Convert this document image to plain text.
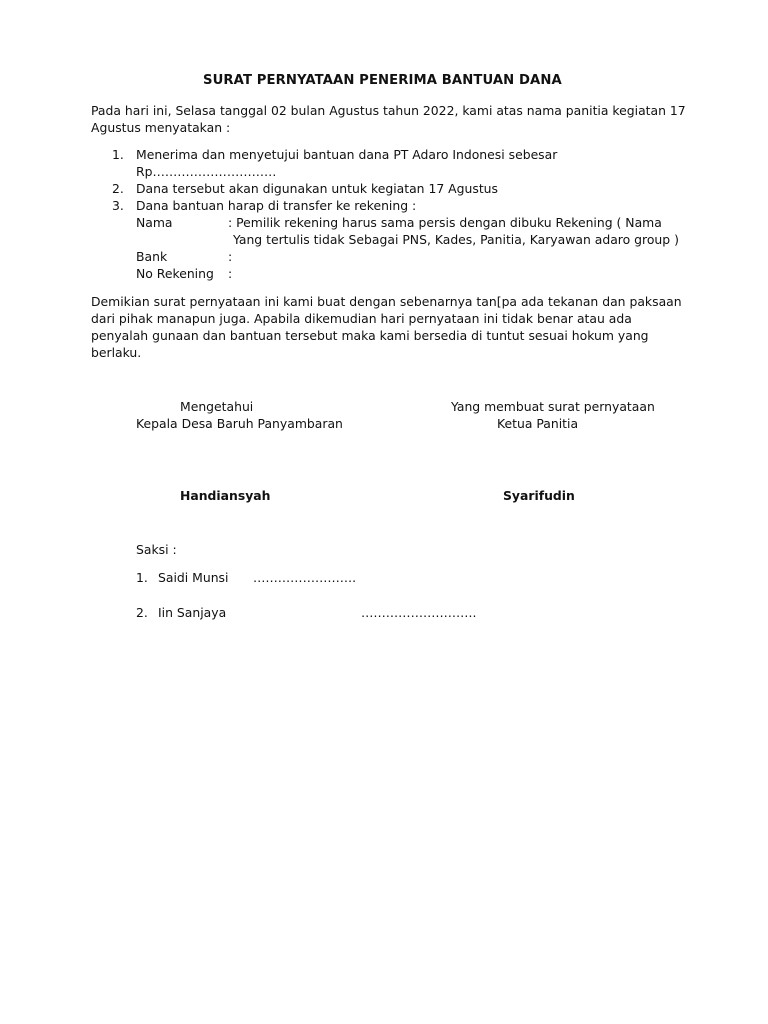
SURAT PERNYATAAN PENERIMA BANTUAN DANA
Pada hari ini, Selasa tanggal 02 bulan Agustus tahun 2022, kami atas nama panitia kegiatan 17
Agustus menyatakan :
1. Menerima dan menyetujui bantuan dana PT Adaro Indonesi sebesar
Rp…………………………
2. Dana tersebut akan digunakan untuk kegiatan 17 Agustus
3. Dana bantuan harap di transfer ke rekening :
Nama	: Pemilik rekening harus sama persis dengan dibuku Rekening ( Nama
Yang tertulis tidak Sebagai PNS, Kades, Panitia, Karyawan adaro group )
Bank	:
No Rekening :
Demikian surat pernyataan ini kami buat dengan sebenarnya tan[pa ada tekanan dan paksaan
dari pihak manapun juga. Apabila dikemudian hari pernyataan ini tidak benar atau ada
penyalah gunaan dan bantuan tersebut maka kami bersedia di tuntut sesuai hokum yang
berlaku.
Mengetahui
Kepala Desa Baruh Panyambaran
Handiansyah
Yang membuat surat pernyataan
Ketua Panitia
Syarifudin
Saksi :
1. Saidi Munsi …………………….
2. Iin Sanjaya	……………………….
